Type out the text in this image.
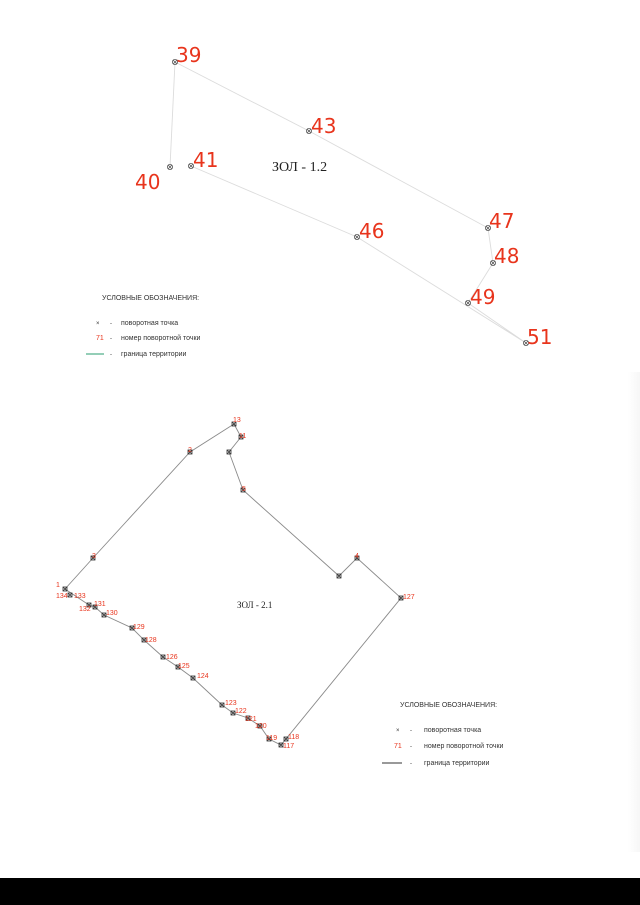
39
40
41
43
46	47
48
49
51
ЗОЛ - 1.2
УСЛОВНЫЕ ОБОЗНАЧЕНИЯ:
× - поворотная точка
71 - номер поворотной точки
- граница территории
1
2
3	4
5
11
13
134 133
132
131
130
129
128
126
125
124
123
122
121
120
119 118
117
127
ЗОЛ - 2.1
УСЛОВНЫЕ ОБОЗНАЧЕНИЯ:
× - поворотная точка
71 - номер поворотной точки
- граница территории
